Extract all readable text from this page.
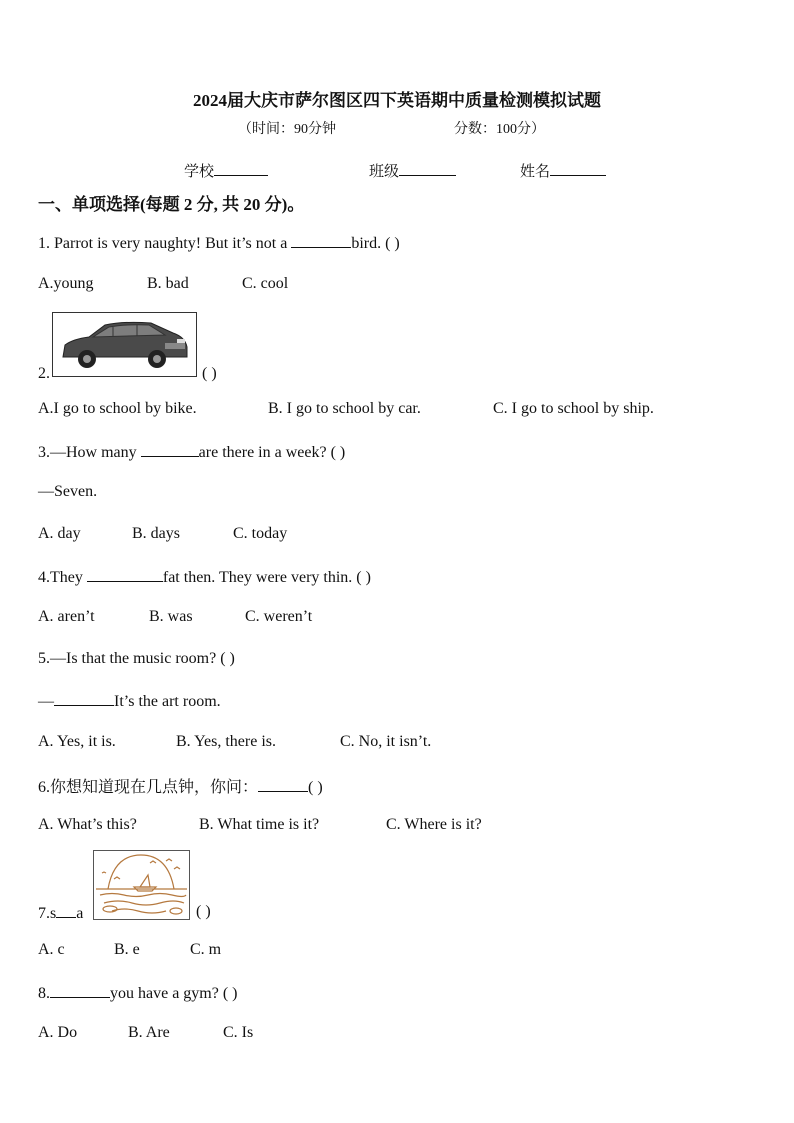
2024届大庆市萨尔图区四下英语期中质量检测模拟试题
（时间：90分钟	分数：100分）
学校	班级	姓名
一、单项选择(每题 2 分, 共 20 分)。
1. Parrot is very naughty! But it’s not a	bird. ( )
A.young	B. bad	C. cool
2.	( )
A.I go to school by bike.	B. I go to school by car.	C. I go to school by ship.
3.—How many	are there in a week? ( )
—Seven.
A. day	B. days	C. today
4.They	fat then. They were very thin. ( )
A. aren’t	B. was	C. weren’t
5.—Is that the music room? ( )
—	It’s the art room.
A. Yes, it is.	B. Yes, there is.	C. No, it isn’t.
6.你想知道现在几点钟，你问：	( )
A. What’s this?	B. What time is it?	C. Where is it?
7.s a	( )
A. c	B. e	C. m
8.	you have a gym? ( )
A. Do	B. Are	C. Is
